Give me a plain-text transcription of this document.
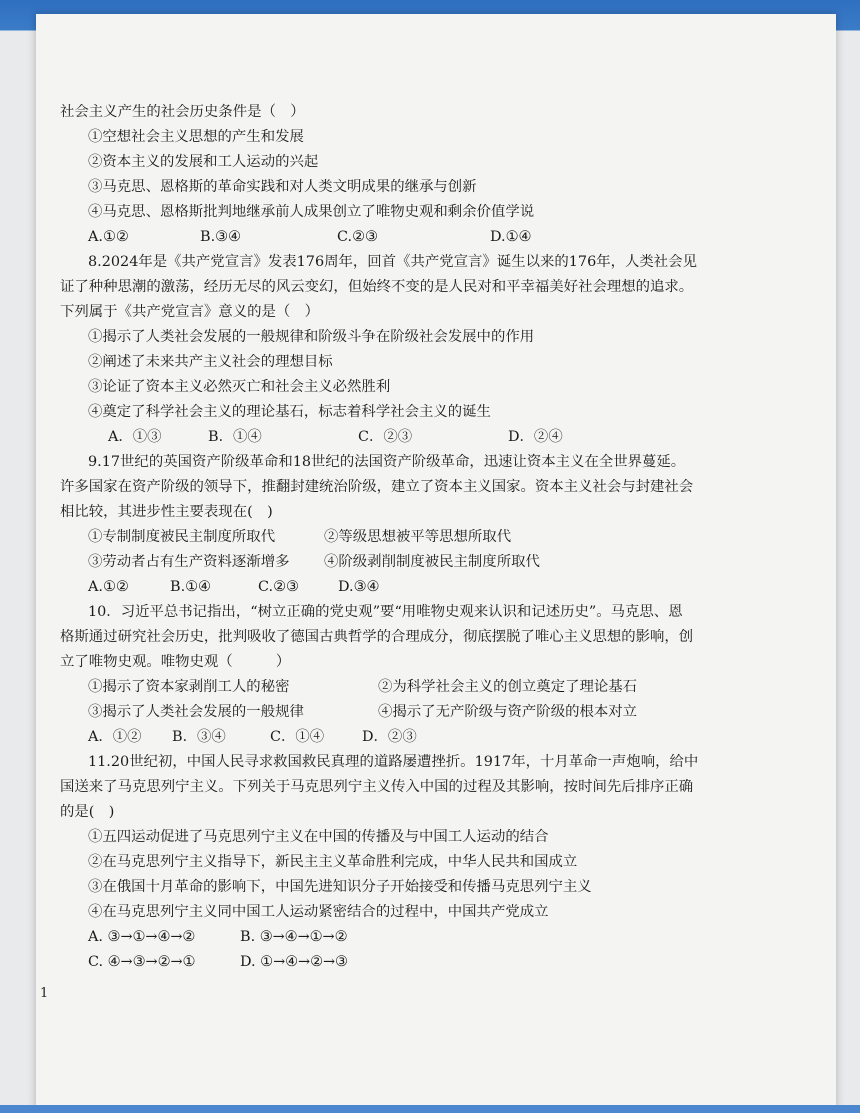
社会主义产生的社会历史条件是（　）
①空想社会主义思想的产生和发展
②资本主义的发展和工人运动的兴起
③马克思、恩格斯的革命实践和对人类文明成果的继承与创新
④马克思、恩格斯批判地继承前人成果创立了唯物史观和剩余价值学说
A.①②	B.③④	C.②③	D.①④
8.2024年是《共产党宣言》发表176周年，回首《共产党宣言》诞生以来的176年，人类社会见
证了种种思潮的激荡，经历无尽的风云变幻，但始终不变的是人民对和平幸福美好社会理想的追求。
下列属于《共产党宣言》意义的是（　）
①揭示了人类社会发展的一般规律和阶级斗争在阶级社会发展中的作用
②阐述了未来共产主义社会的理想目标
③论证了资本主义必然灭亡和社会主义必然胜利
④奠定了科学社会主义的理论基石，标志着科学社会主义的诞生
A．①③	B．①④	C．②③	D．②④
9.17世纪的英国资产阶级革命和18世纪的法国资产阶级革命，迅速让资本主义在全世界蔓延。
许多国家在资产阶级的领导下，推翻封建统治阶级，建立了资本主义国家。资本主义社会与封建社会
相比较，其进步性主要表现在(　)
①专制制度被民主制度所取代	②等级思想被平等思想所取代
③劳动者占有生产资料逐渐增多	④阶级剥削制度被民主制度所取代
A.①②	B.①④	C.②③	D.③④
10．习近平总书记指出，“树立正确的党史观”要“用唯物史观来认识和记述历史”。马克思、恩
格斯通过研究社会历史，批判吸收了德国古典哲学的合理成分，彻底摆脱了唯心主义思想的影响，创
立了唯物史观。唯物史观（　　　）
①揭示了资本家剥削工人的秘密	②为科学社会主义的创立奠定了理论基石
③揭示了人类社会发展的一般规律	④揭示了无产阶级与资产阶级的根本对立
A．①②	B．③④	C．①④	D．②③
11.20世纪初，中国人民寻求救国救民真理的道路屡遭挫折。1917年，十月革命一声炮响，给中
国送来了马克思列宁主义。下列关于马克思列宁主义传入中国的过程及其影响，按时间先后排序正确
的是(　)
①五四运动促进了马克思列宁主义在中国的传播及与中国工人运动的结合
②在马克思列宁主义指导下，新民主主义革命胜利完成，中华人民共和国成立
③在俄国十月革命的影响下，中国先进知识分子开始接受和传播马克思列宁主义
④在马克思列宁主义同中国工人运动紧密结合的过程中，中国共产党成立
A. ③→①→④→②	B. ③→④→①→②
C. ④→③→②→①	D. ①→④→②→③
1
